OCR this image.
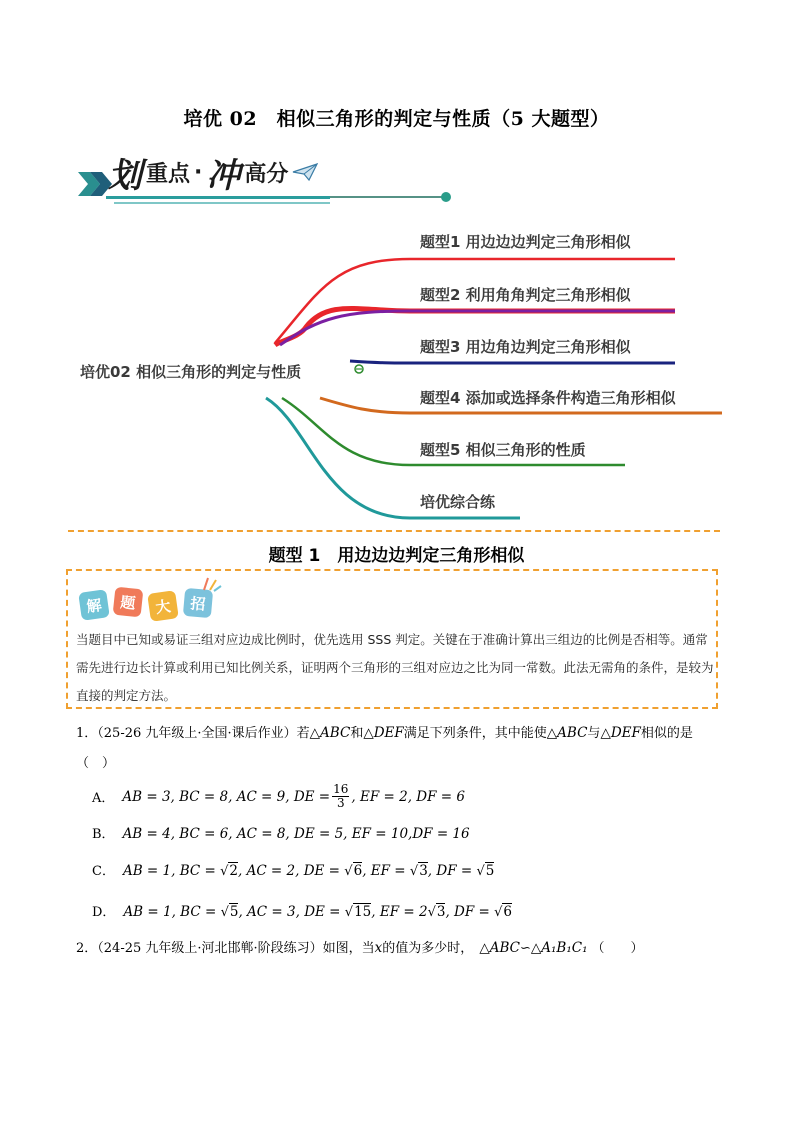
培优 02　相似三角形的判定与性质（5 大题型）
划 重点 · 冲 高分
培优02 相似三角形的判定与性质
题型1 用边边边判定三角形相似
题型2 利用角角判定三角形相似
题型3 用边角边判定三角形相似
题型4 添加或选择条件构造三角形相似
题型5 相似三角形的性质
培优综合练
题型 1　用边边边判定三角形相似
解	题	大	招
当题目中已知或易证三组对应边成比例时，优先选用 SSS 判定。关键在于准确计算出三组边的比例是否相等。通常需先进行边长计算或利用已知比例关系，证明两个三角形的三组对应边之比为同一常数。此法无需角的条件，是较为直接的判定方法。
1．（25-26 九年级上·全国·课后作业）若△ABC和△DEF满足下列条件，其中能使△ABC与△DEF相似的是
（　）
A． AB = 3, BC = 8, AC = 9, DE = $\frac{16}{3}$ , EF = 2, DF = 6
B． AB = 4, BC = 6, AC = 8, DE = 5, EF = 10,DF = 16
C． AB = 1, BC = √2, AC = 2, DE = √6, EF = √3, DF = √5
D． AB = 1, BC = √5, AC = 3, DE = √15, EF = 2√3, DF = √6
2．（24-25 九年级上·河北邯郸·阶段练习）如图，当x的值为多少时， △ABC∽△A₁B₁C₁ （　　）
